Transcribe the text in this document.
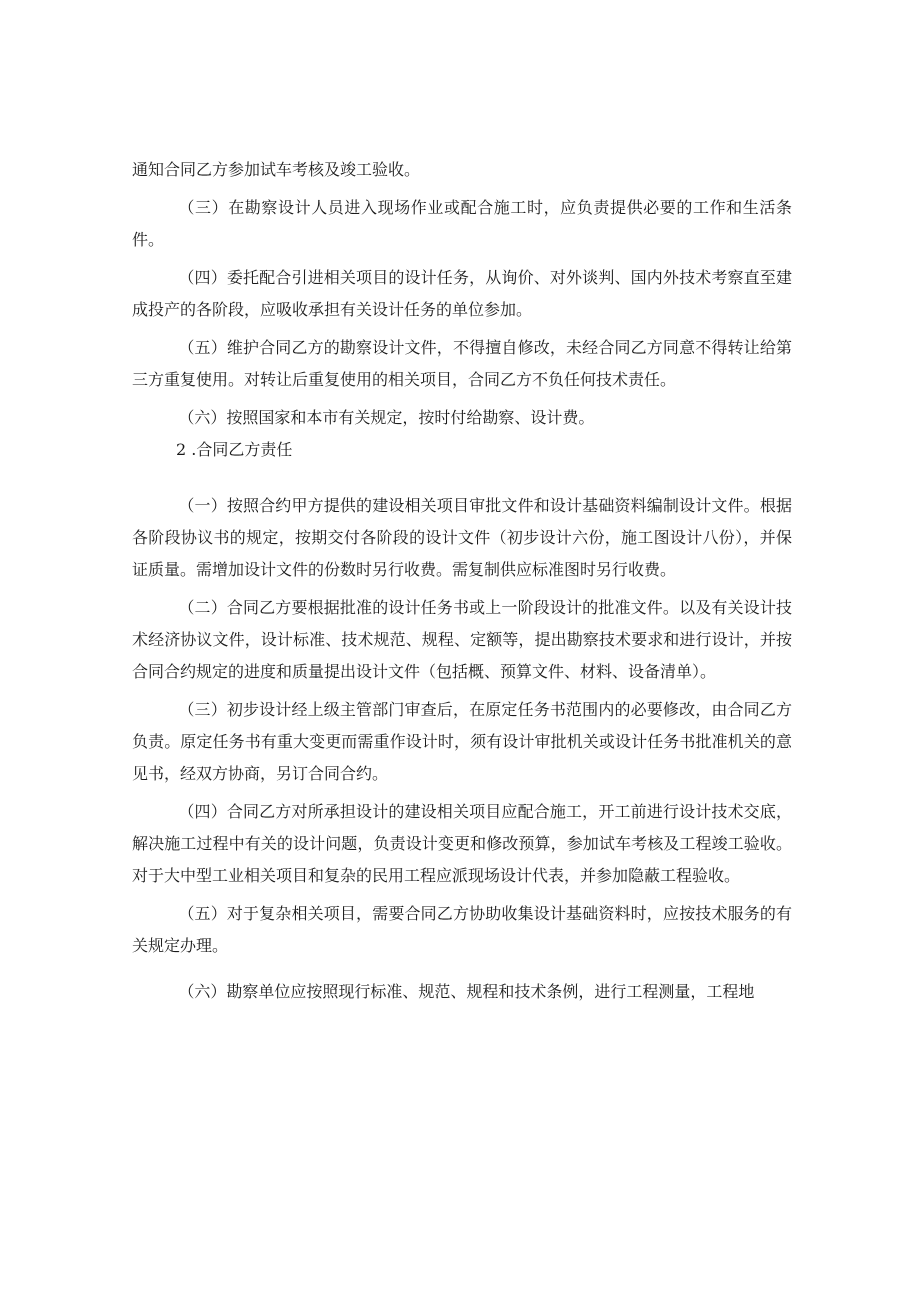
通知合同乙方参加试车考核及竣工验收。

（三）在勘察设计人员进入现场作业或配合施工时，应负责提供必要的工作和生活条件。

（四）委托配合引进相关项目的设计任务，从询价、对外谈判、国内外技术考察直至建成投产的各阶段，应吸收承担有关设计任务的单位参加。

（五）维护合同乙方的勘察设计文件，不得擅自修改，未经合同乙方同意不得转让给第三方重复使用。对转让后重复使用的相关项目，合同乙方不负任何技术责任。

（六）按照国家和本市有关规定，按时付给勘察、设计费。

2 .合同乙方责任

（一）按照合约甲方提供的建设相关项目审批文件和设计基础资料编制设计文件。根据各阶段协议书的规定，按期交付各阶段的设计文件（初步设计六份，施工图设计八份），并保证质量。需增加设计文件的份数时另行收费。需复制供应标准图时另行收费。

（二）合同乙方要根据批准的设计任务书或上一阶段设计的批准文件。以及有关设计技术经济协议文件，设计标准、技术规范、规程、定额等，提出勘察技术要求和进行设计，并按合同合约规定的进度和质量提出设计文件（包括概、预算文件、材料、设备清单）。

（三）初步设计经上级主管部门审查后，在原定任务书范围内的必要修改，由合同乙方负责。原定任务书有重大变更而需重作设计时，须有设计审批机关或设计任务书批准机关的意见书，经双方协商，另订合同合约。

（四）合同乙方对所承担设计的建设相关项目应配合施工，开工前进行设计技术交底，解决施工过程中有关的设计问题，负责设计变更和修改预算，参加试车考核及工程竣工验收。对于大中型工业相关项目和复杂的民用工程应派现场设计代表，并参加隐蔽工程验收。

（五）对于复杂相关项目，需要合同乙方协助收集设计基础资料时，应按技术服务的有关规定办理。

（六）勘察单位应按照现行标准、规范、规程和技术条例，进行工程测量，工程地
